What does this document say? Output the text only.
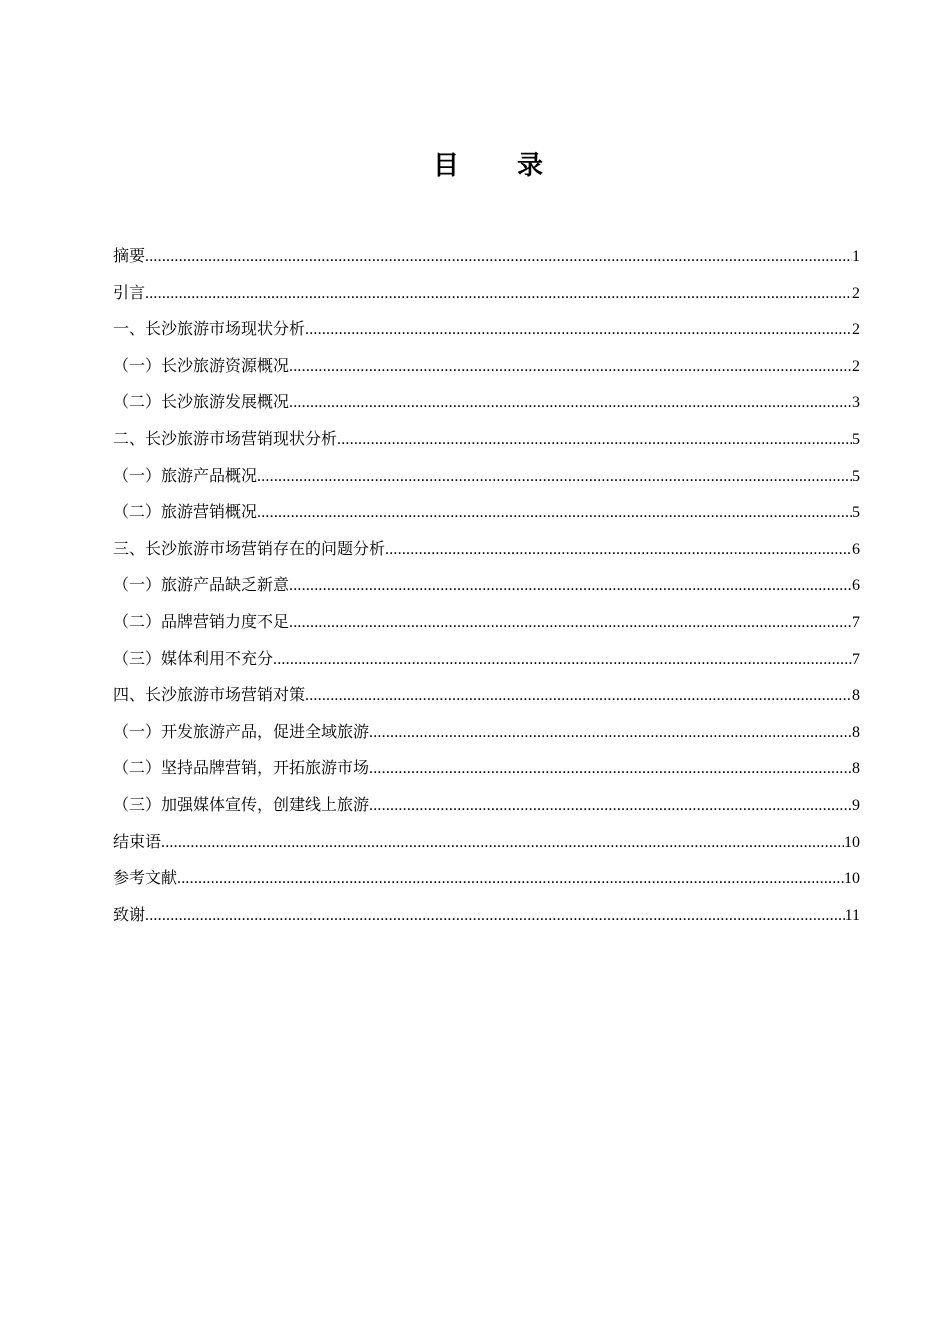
目 录
摘要 .....	1
引言 .....	2
一、长沙旅游市场现状分析 .....	2
（一）长沙旅游资源概况 .....	2
（二）长沙旅游发展概况 .....	3
二、长沙旅游市场营销现状分析 .....	5
（一）旅游产品概况 .....	5
（二）旅游营销概况 .....	5
三、长沙旅游市场营销存在的问题分析 .....	6
（一）旅游产品缺乏新意 .....	6
（二）品牌营销力度不足 .....	7
（三）媒体利用不充分 .....	7
四、长沙旅游市场营销对策 .....	8
（一）开发旅游产品，促进全域旅游 .....	8
（二）坚持品牌营销，开拓旅游市场 .....	8
（三）加强媒体宣传，创建线上旅游 .....	9
结束语 .....	10
参考文献 .....	10
致谢 .....	11
